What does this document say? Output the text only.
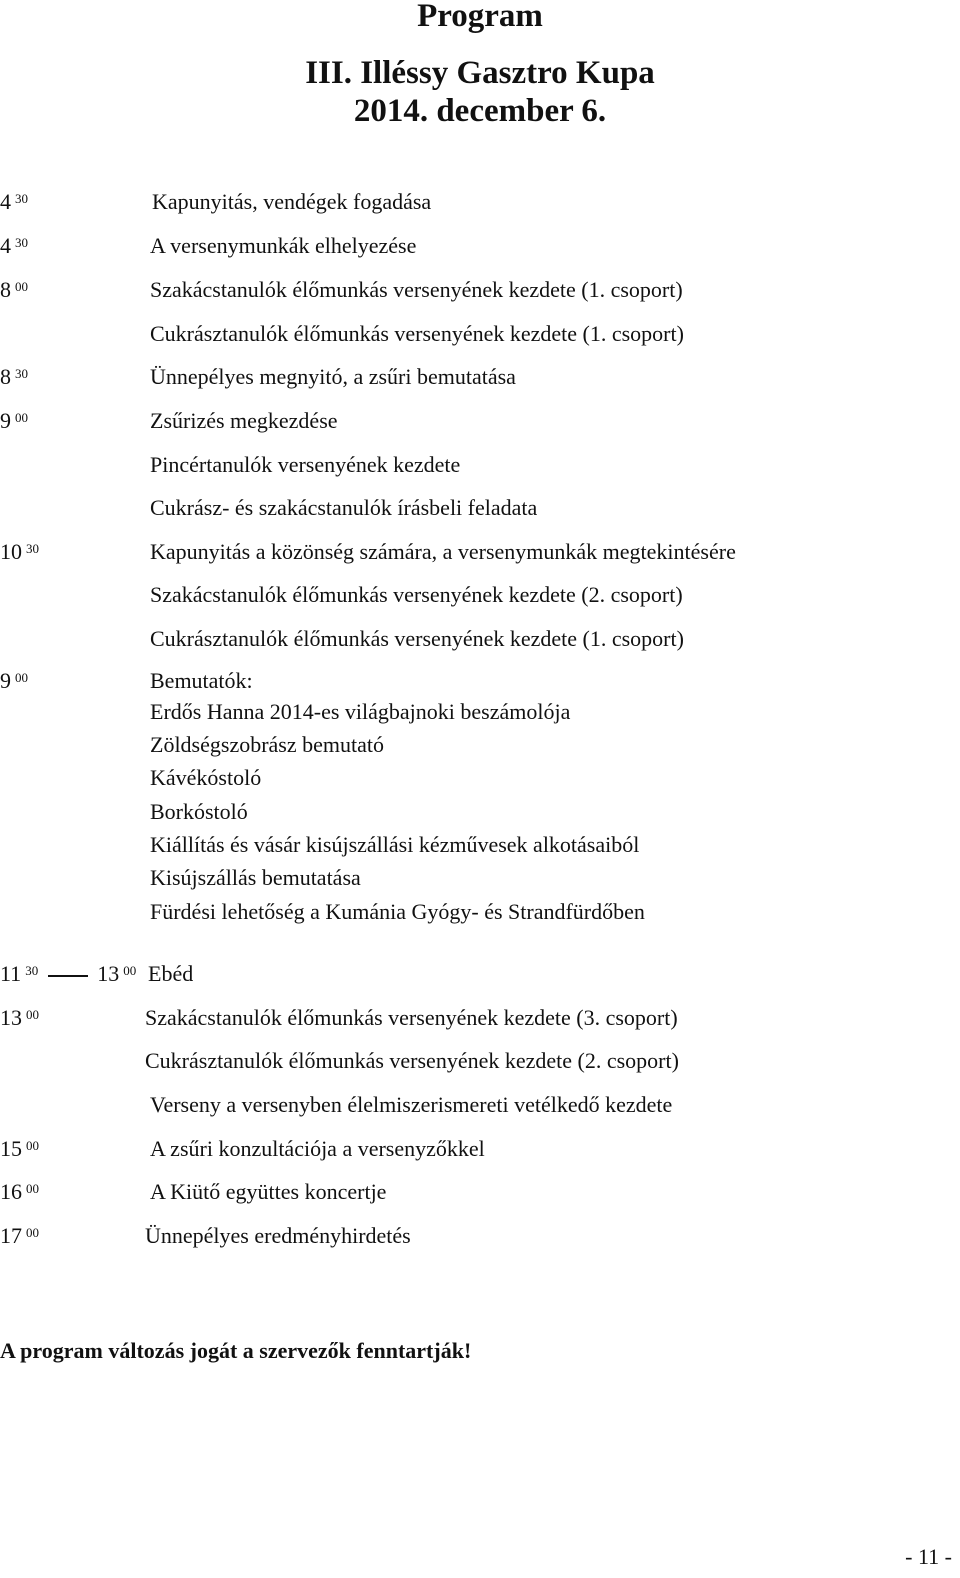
Program
III. Illéssy Gasztro Kupa
2014. december 6.
4 $^{30}$
4 $^{30}$
8 $^{00}$
8 $^{30}$
9 $^{00}$
10 $^{30}$
9 $^{00}$
11 $^{30}$	13 $^{00}$
13 $^{00}$
15 $^{00}$
16 $^{00}$
17 $^{00}$
Kapunyitás, vendégek fogadása
A versenymunkák elhelyezése
Szakácstanulók élőmunkás versenyének kezdete (1. csoport)
Cukrásztanulók élőmunkás versenyének kezdete (1. csoport)
Ünnepélyes megnyitó, a zsűri bemutatása
Zsűrizés megkezdése
Pincértanulók versenyének kezdete
Cukrász- és szakácstanulók írásbeli feladata
Kapunyitás a közönség számára, a versenymunkák megtekintésére
Szakácstanulók élőmunkás versenyének kezdete (2. csoport)
Cukrásztanulók élőmunkás versenyének kezdete (1. csoport)
Bemutatók:
Erdős Hanna 2014-es világbajnoki beszámolója
Zöldségszobrász bemutató
Kávékóstoló
Borkóstoló
Kiállítás és vásár kisújszállási kézművesek alkotásaiból
Kisújszállás bemutatása
Fürdési lehetőség a Kumánia Gyógy- és Strandfürdőben
Ebéd
Szakácstanulók élőmunkás versenyének kezdete (3. csoport)
Cukrásztanulók élőmunkás versenyének kezdete (2. csoport)
Verseny a versenyben élelmiszerismereti vetélkedő kezdete
A zsűri konzultációja a versenyzőkkel
A Kiütő együttes koncertje
Ünnepélyes eredményhirdetés
A program változás jogát a szervezők fenntartják!
- 11 -
